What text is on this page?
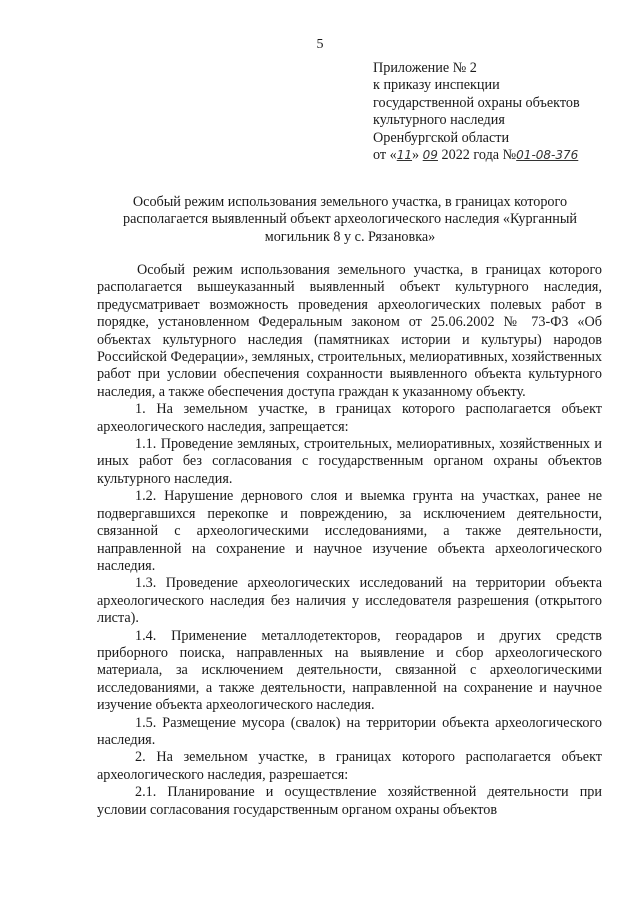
5
Приложение № 2
к приказу инспекции
государственной охраны объектов
культурного наследия
Оренбургской области
от «11» 09 2022 года №01-08-376
Особый режим использования земельного участка, в границах которого располагается выявленный объект археологического наследия «Курганный могильник 8 у с. Рязановка»

Особый режим использования земельного участка, в границах которого располагается вышеуказанный выявленный объект культурного наследия, предусматривает возможность проведения археологических полевых работ в порядке, установленном Федеральным законом от 25.06.2002 № 73-ФЗ «Об объектах культурного наследия (памятниках истории и культуры) народов Российской Федерации», земляных, строительных, мелиоративных, хозяйственных работ при условии обеспечения сохранности выявленного объекта культурного наследия, а также обеспечения доступа граждан к указанному объекту.

1. На земельном участке, в границах которого располагается объект археологического наследия, запрещается:

1.1. Проведение земляных, строительных, мелиоративных, хозяйственных и иных работ без согласования с государственным органом охраны объектов культурного наследия.

1.2. Нарушение дернового слоя и выемка грунта на участках, ранее не подвергавшихся перекопке и повреждению, за исключением деятельности, связанной с археологическими исследованиями, а также деятельности, направленной на сохранение и научное изучение объекта археологического наследия.

1.3. Проведение археологических исследований на территории объекта археологического наследия без наличия у исследователя разрешения (открытого листа).

1.4. Применение металлодетекторов, георадаров и других средств приборного поиска, направленных на выявление и сбор археологического материала, за исключением деятельности, связанной с археологическими исследованиями, а также деятельности, направленной на сохранение и научное изучение объекта археологического наследия.

1.5. Размещение мусора (свалок) на территории объекта археологического наследия.

2. На земельном участке, в границах которого располагается объект археологического наследия, разрешается:

2.1. Планирование и осуществление хозяйственной деятельности при условии согласования государственным органом охраны объектов
